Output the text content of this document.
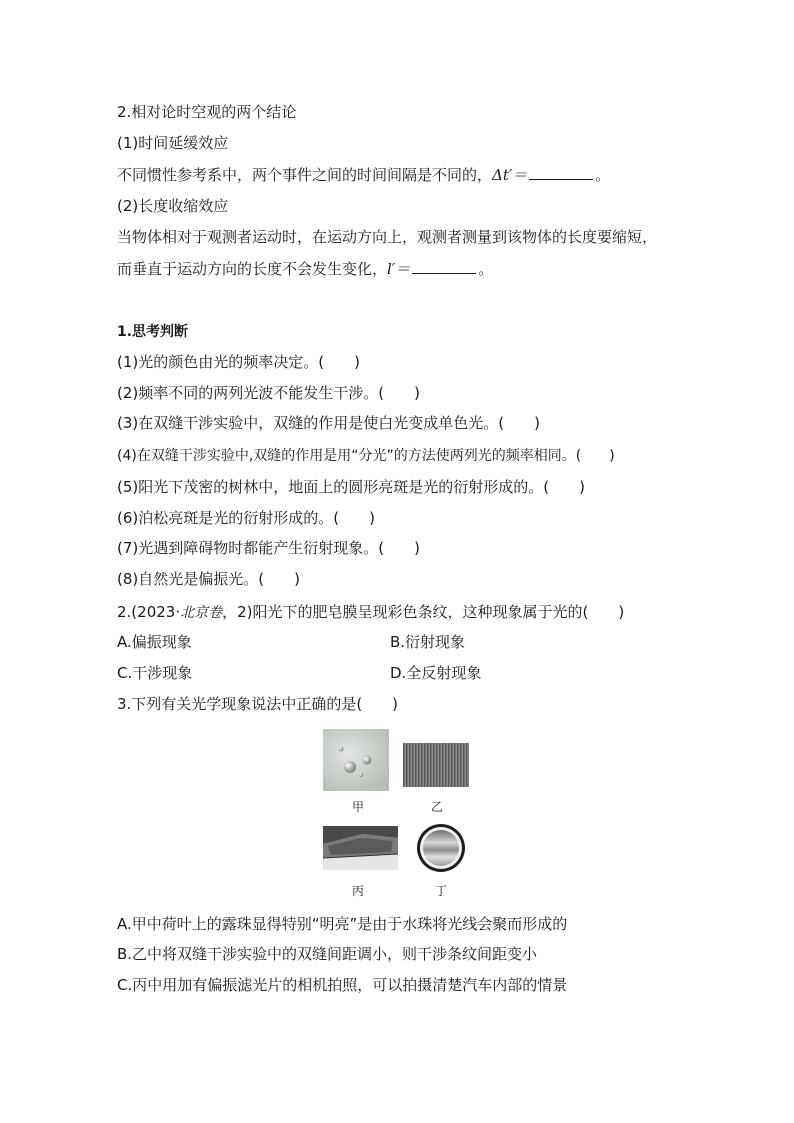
2.相对论时空观的两个结论
(1)时间延缓效应
不同惯性参考系中，两个事件之间的时间间隔是不同的，Δt′＝	。
(2)长度收缩效应
当物体相对于观测者运动时，在运动方向上，观测者测量到该物体的长度要缩短，
而垂直于运动方向的长度不会发生变化，l′＝	。
1.思考判断
(1)光的颜色由光的频率决定。(　　)
(2)频率不同的两列光波不能发生干涉。(　　)
(3)在双缝干涉实验中，双缝的作用是使白光变成单色光。(　　)
(4)在双缝干涉实验中,双缝的作用是用“分光”的方法使两列光的频率相同。(　　)
(5)阳光下茂密的树林中，地面上的圆形亮斑是光的衍射形成的。(　　)
(6)泊松亮斑是光的衍射形成的。(　　)
(7)光遇到障碍物时都能产生衍射现象。(　　)
(8)自然光是偏振光。(　　)
2.(2023·北京卷，2)阳光下的肥皂膜呈现彩色条纹，这种现象属于光的(　　)
A.偏振现象	B.衍射现象
C.干涉现象	D.全反射现象
3.下列有关光学现象说法中正确的是(　　)
甲	乙
丙	丁
A.甲中荷叶上的露珠显得特别“明亮”是由于水珠将光线会聚而形成的
B.乙中将双缝干涉实验中的双缝间距调小，则干涉条纹间距变小
C.丙中用加有偏振滤光片的相机拍照，可以拍摄清楚汽车内部的情景
